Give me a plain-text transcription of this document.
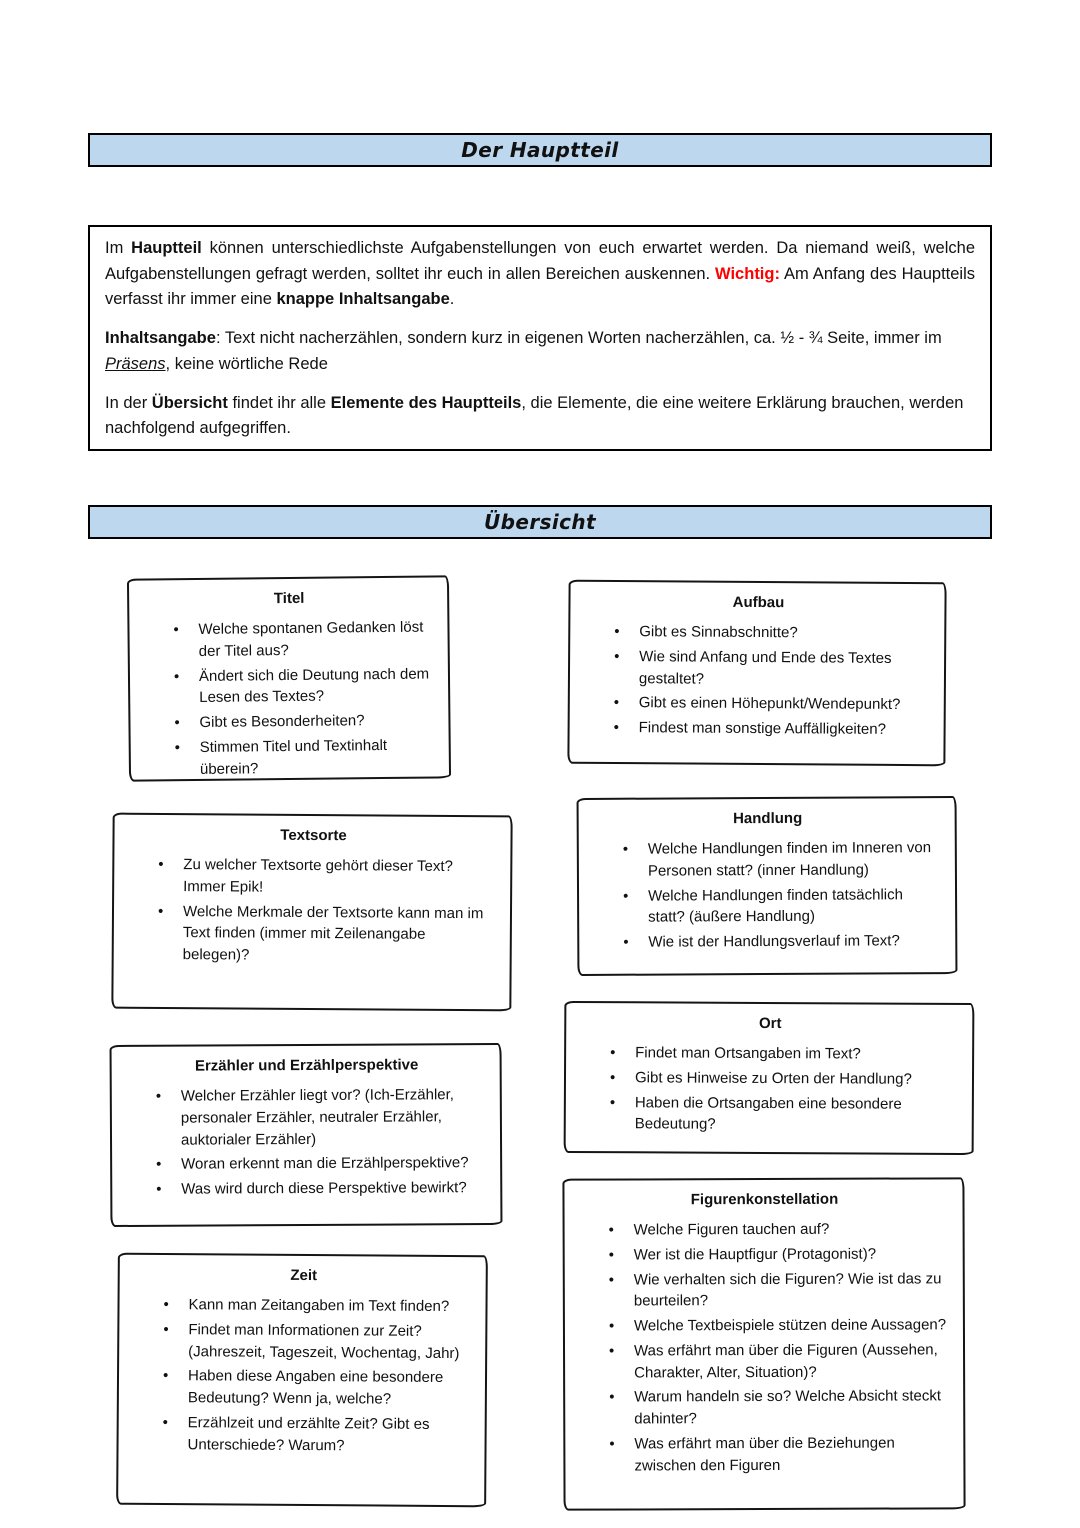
Der Hauptteil

Im Hauptteil können unterschiedlichste Aufgabenstellungen von euch erwartet werden. Da niemand weiß, welche Aufgabenstellungen gefragt werden, solltet ihr euch in allen Bereichen auskennen. Wichtig: Am Anfang des Hauptteils verfasst ihr immer eine knappe Inhaltsangabe.

Inhaltsangabe: Text nicht nacherzählen, sondern kurz in eigenen Worten nacherzählen, ca. ½ - ¾ Seite, immer im Präsens, keine wörtliche Rede

In der Übersicht findet ihr alle Elemente des Hauptteils, die Elemente, die eine weitere Erklärung brauchen, werden nachfolgend aufgegriffen.

Übersicht
Titel
• Welche spontanen Gedanken löst der Titel aus?
• Ändert sich die Deutung nach dem Lesen des Textes?
• Gibt es Besonderheiten?
• Stimmen Titel und Textinhalt überein?
Textsorte
• Zu welcher Textsorte gehört dieser Text? Immer Epik!
• Welche Merkmale der Textsorte kann man im Text finden (immer mit Zeilenangabe belegen)?
Erzähler und Erzählperspektive
• Welcher Erzähler liegt vor? (Ich-Erzähler, personaler Erzähler, neutraler Erzähler, auktorialer Erzähler)
• Woran erkennt man die Erzählperspektive?
• Was wird durch diese Perspektive bewirkt?
Zeit
• Kann man Zeitangaben im Text finden?
• Findet man Informationen zur Zeit?(Jahreszeit, Tageszeit, Wochentag, Jahr)
• Haben diese Angaben eine besondere Bedeutung? Wenn ja, welche?
• Erzählzeit und erzählte Zeit? Gibt es Unterschiede? Warum?
Aufbau
• Gibt es Sinnabschnitte?
• Wie sind Anfang und Ende des Textes gestaltet?
• Gibt es einen Höhepunkt/Wendepunkt?
• Findest man sonstige Auffälligkeiten?
Handlung
• Welche Handlungen finden im Inneren von Personen statt? (inner Handlung)
• Welche Handlungen finden tatsächlich statt? (äußere Handlung)
• Wie ist der Handlungsverlauf im Text?
Ort
• Findet man Ortsangaben im Text?
• Gibt es Hinweise zu Orten der Handlung?
• Haben die Ortsangaben eine besondere Bedeutung?
Figurenkonstellation
• Welche Figuren tauchen auf?
• Wer ist die Hauptfigur (Protagonist)?
• Wie verhalten sich die Figuren? Wie ist das zu beurteilen?
• Welche Textbeispiele stützen deine Aussagen?
• Was erfährt man über die Figuren (Aussehen, Charakter, Alter, Situation)?
• Warum handeln sie so? Welche Absicht steckt dahinter?
• Was erfährt man über die Beziehungen zwischen den Figuren
